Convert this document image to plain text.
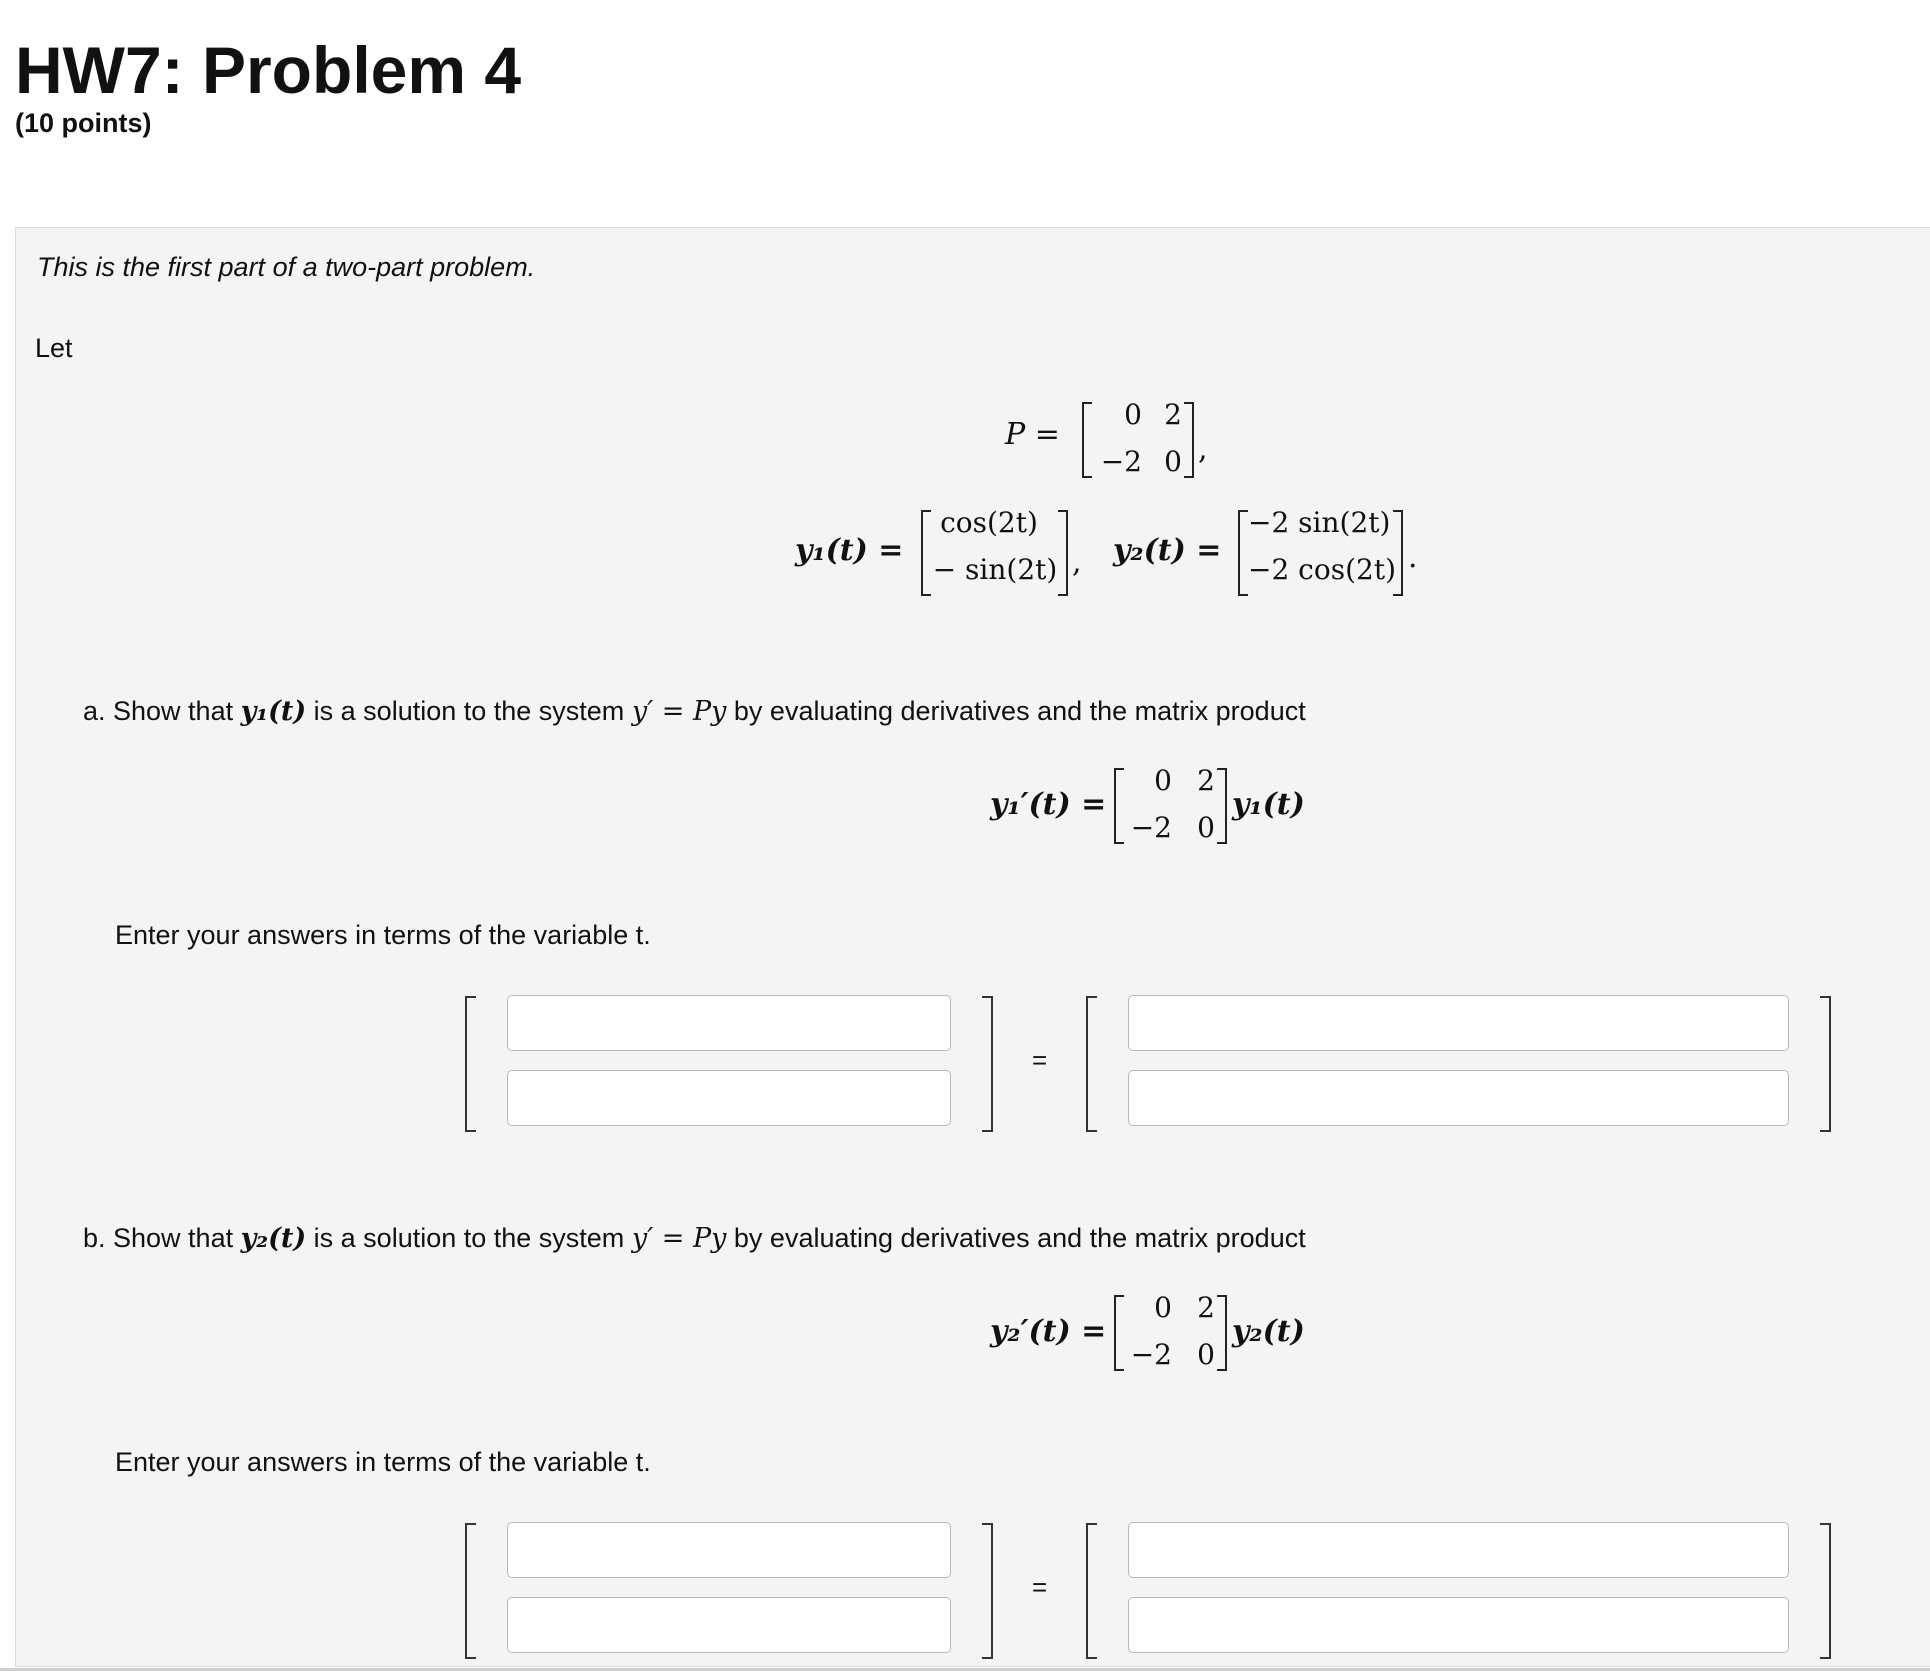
HW7: Problem 4
(10 points)
This is the first part of a two-part problem.
Let
P =
0 2
−2 0 ,
y₁(t) =
cos(2t)
− sin(2t) , y₂(t) =
−2 sin(2t)
−2 cos(2t) .
a. Show that y₁(t) is a solution to the system y′ = Py by evaluating derivatives and the matrix product
y₁′(t) =
0 2
−2 0
y₁(t)
Enter your answers in terms of the variable t.
=
b. Show that y₂(t) is a solution to the system y′ = Py by evaluating derivatives and the matrix product
y₂′(t) =
0 2
−2 0
y₂(t)
Enter your answers in terms of the variable t.
=
